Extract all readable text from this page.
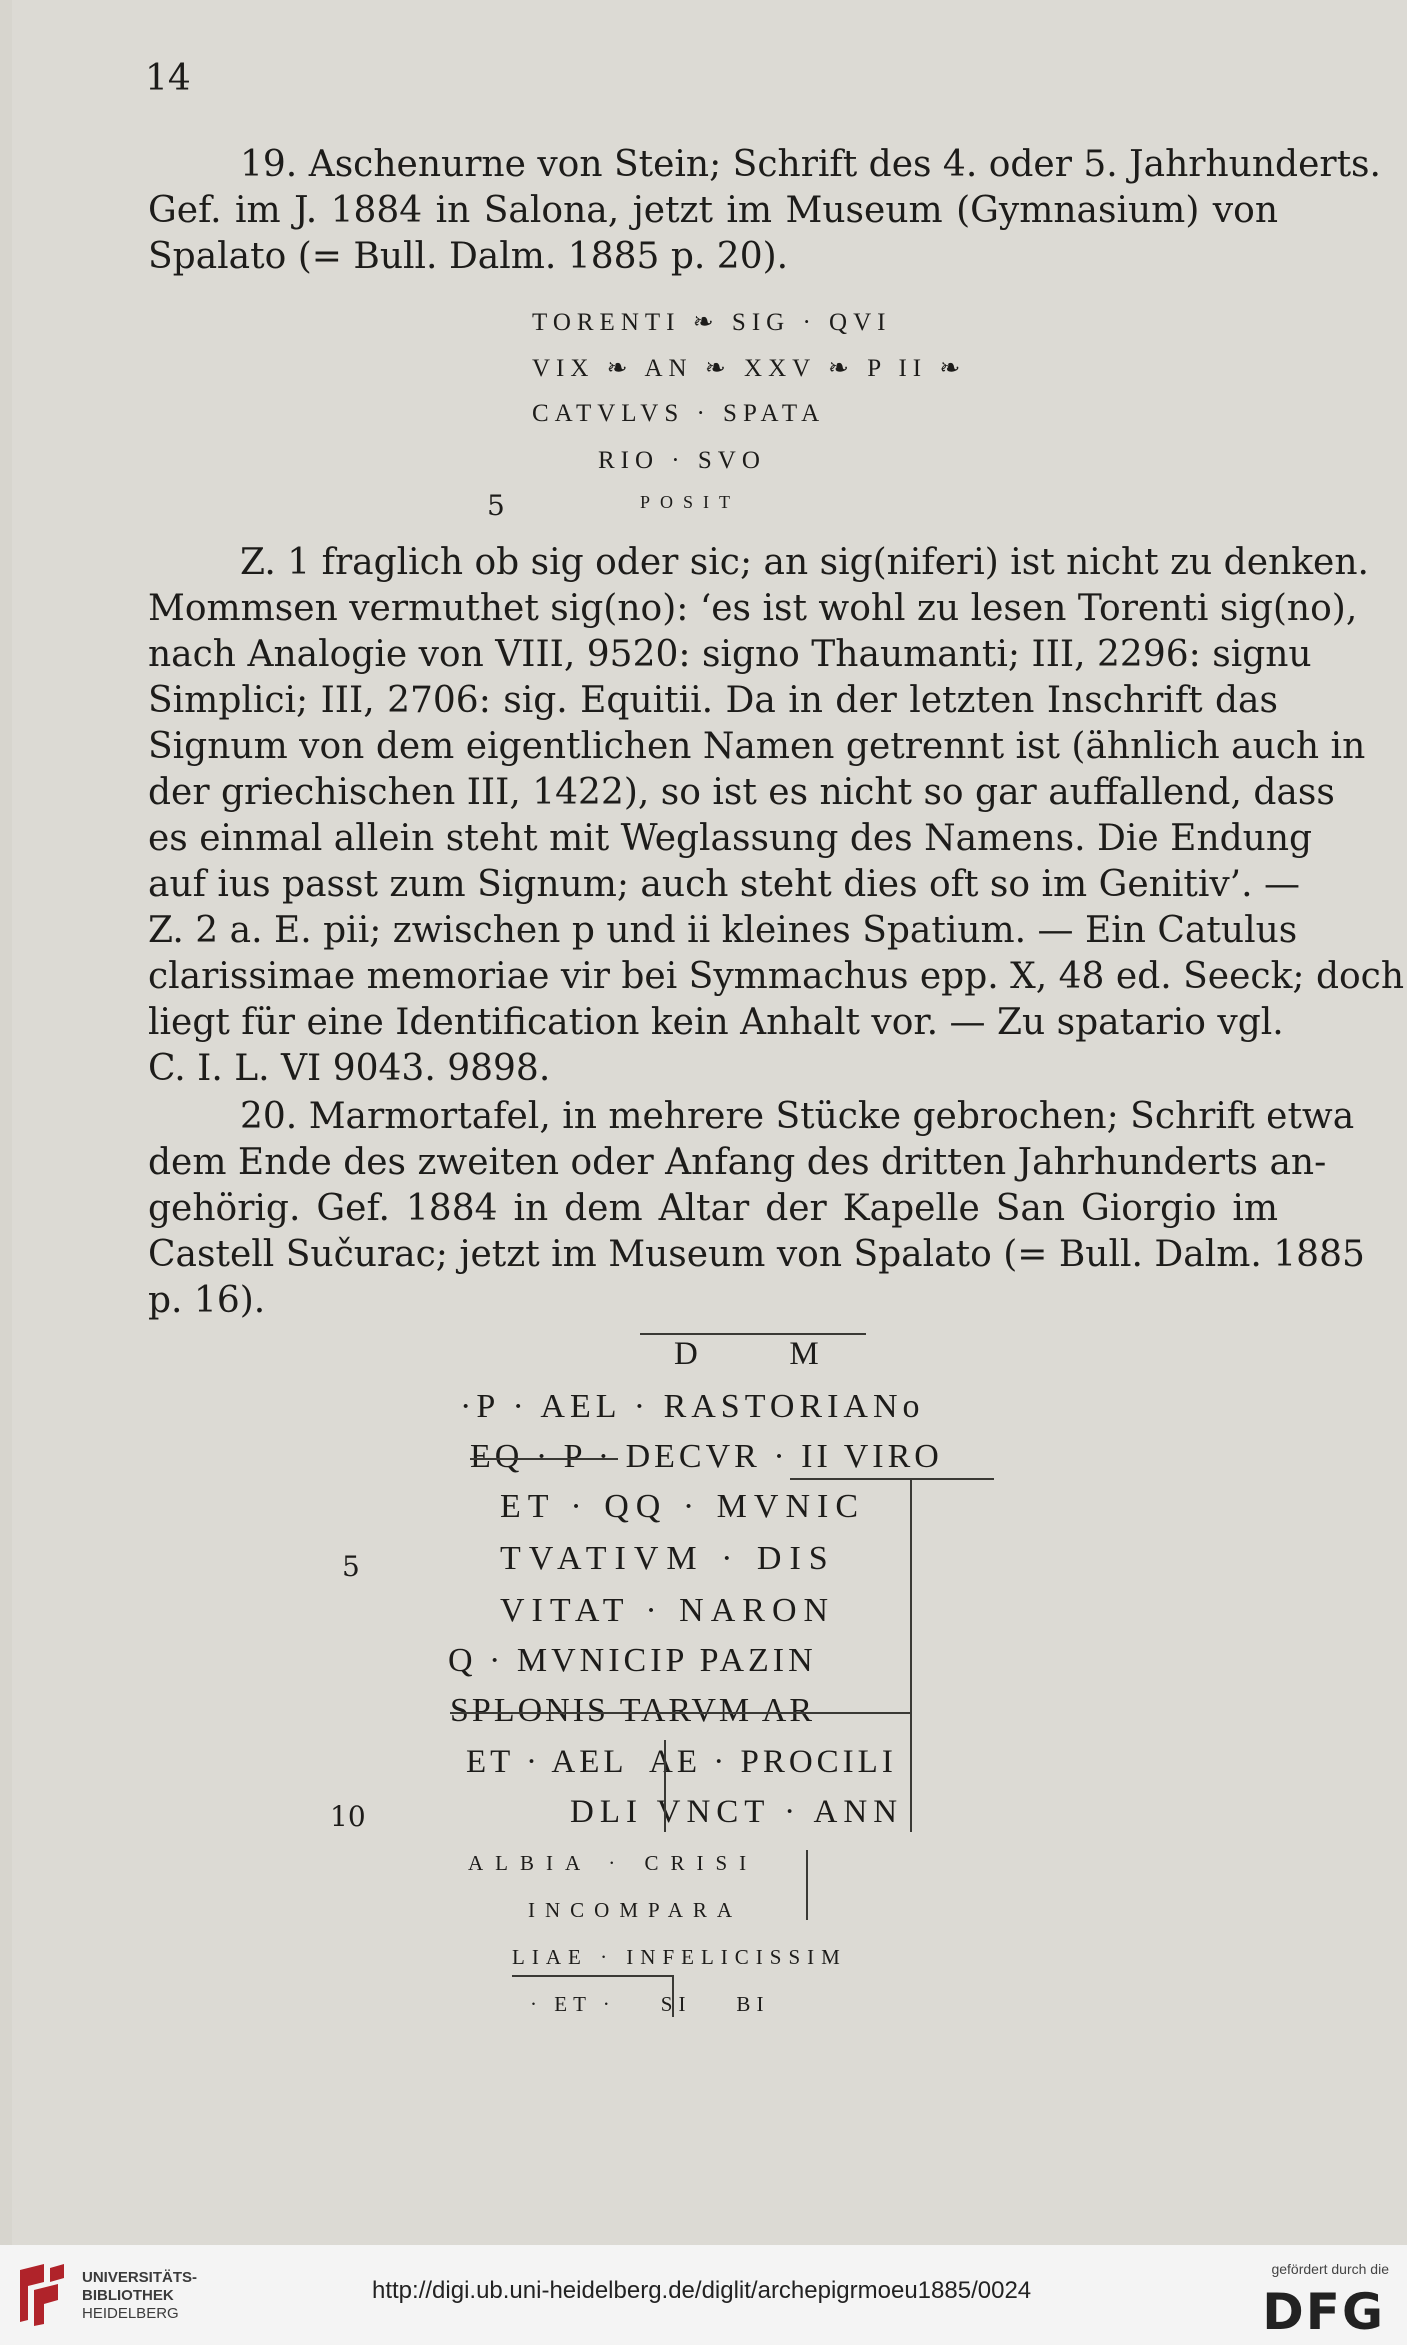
14
19. Aschenurne von Stein; Schrift des 4. oder 5. Jahrhunderts.
Gef. im J. 1884 in Salona, jetzt im Museum (Gymnasium) von
Spalato (= Bull. Dalm. 1885 p. 20).
TORENTI ❧ SIG · QVI
VIX ❧ AN ❧ XXV ❧ P II ❧
CATVLVS · SPATA
RIO · SVO
POSIT
5
Z. 1 fraglich ob sig oder sic; an sig(niferi) ist nicht zu denken.
Mommsen vermuthet sig(no): ‘es ist wohl zu lesen Torenti sig(no),
nach Analogie von VIII, 9520: signo Thaumanti; III, 2296: signu
Simplici; III, 2706: sig. Equitii. Da in der letzten Inschrift das
Signum von dem eigentlichen Namen getrennt ist (ähnlich auch in
der griechischen III, 1422), so ist es nicht so gar auffallend, dass
es einmal allein steht mit Weglassung des Namens. Die Endung
auf ius passt zum Signum; auch steht dies oft so im Genitiv’. —
Z. 2 a. E. pii; zwischen p und ii kleines Spatium. — Ein Catulus
clarissimae memoriae vir bei Symmachus epp. X, 48 ed. Seeck; doch
liegt für eine Identification kein Anhalt vor. — Zu spatario vgl.
C. I. L. VI 9043. 9898.
20. Marmortafel, in mehrere Stücke gebrochen; Schrift etwa
dem Ende des zweiten oder Anfang des dritten Jahrhunderts an-
gehörig. Gef. 1884 in dem Altar der Kapelle San Giorgio im
Castell Sučurac; jetzt im Museum von Spalato (= Bull. Dalm. 1885
p. 16).
D      M
·P · AEL · RASTORIANo
EQ · P · DECVR · II VIRO
ET · QQ · MVNIC
TVATIVM · DIS
VITAT · NARON
Q · MVNICIP PAZIN
SPLONIS TARVM AR
ET · AEL  AE · PROCILI
DLI VNCT · ANN
ALBIA · CRISI
INCOMPARA
LIAE · INFELICISSIM
· ET ·    SI    BI
5
10
UNIVERSITÄTS-
BIBLIOTHEK
HEIDELBERG
http://digi.ub.uni-heidelberg.de/diglit/archepigrmoeu1885/0024
gefördert durch die
DFG
